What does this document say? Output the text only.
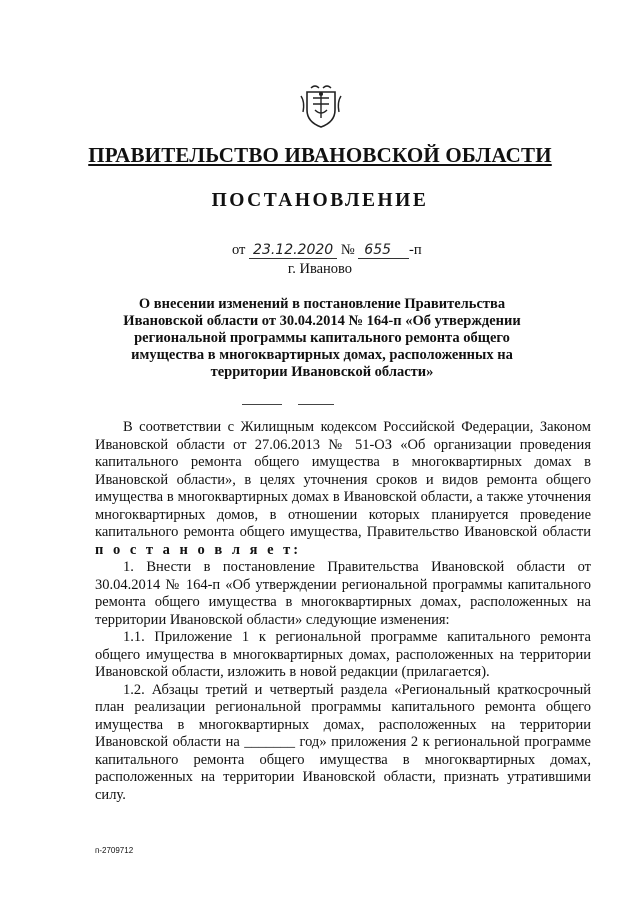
ПРАВИТЕЛЬСТВО ИВАНОВСКОЙ ОБЛАСТИ
ПОСТАНОВЛЕНИЕ
от 23.12.2020 № 655 -п
г. Иваново
О внесении изменений в постановление Правительства Ивановской области от 30.04.2014 № 164-п «Об утверждении региональной программы капитального ремонта общего имущества в многоквартирных домах, расположенных на территории Ивановской области»

В соответствии с Жилищным кодексом Российской Федерации, Законом Ивановской области от 27.06.2013 № 51-ОЗ «Об организации проведения капитального ремонта общего имущества в многоквартирных домах в Ивановской области», в целях уточнения сроков и видов ремонта общего имущества в многоквартирных домах в Ивановской области, а также уточнения многоквартирных домов, в отношении которых планируется проведение капитального ремонта общего имущества, Правительство Ивановской области п о с т а н о в л я е т:

1. Внести в постановление Правительства Ивановской области от 30.04.2014 № 164-п «Об утверждении региональной программы капитального ремонта общего имущества в многоквартирных домах, расположенных на территории Ивановской области» следующие изменения:

1.1. Приложение 1 к региональной программе капитального ремонта общего имущества в многоквартирных домах, расположенных на территории Ивановской области, изложить в новой редакции (прилагается).

1.2. Абзацы третий и четвертый раздела «Региональный краткосрочный план реализации региональной программы капитального ремонта общего имущества в многоквартирных домах, расположенных на территории Ивановской области на _______ год» приложения 2 к региональной программе капитального ремонта общего имущества в многоквартирных домах, расположенных на территории Ивановской области, признать утратившими силу.

п-2709712
